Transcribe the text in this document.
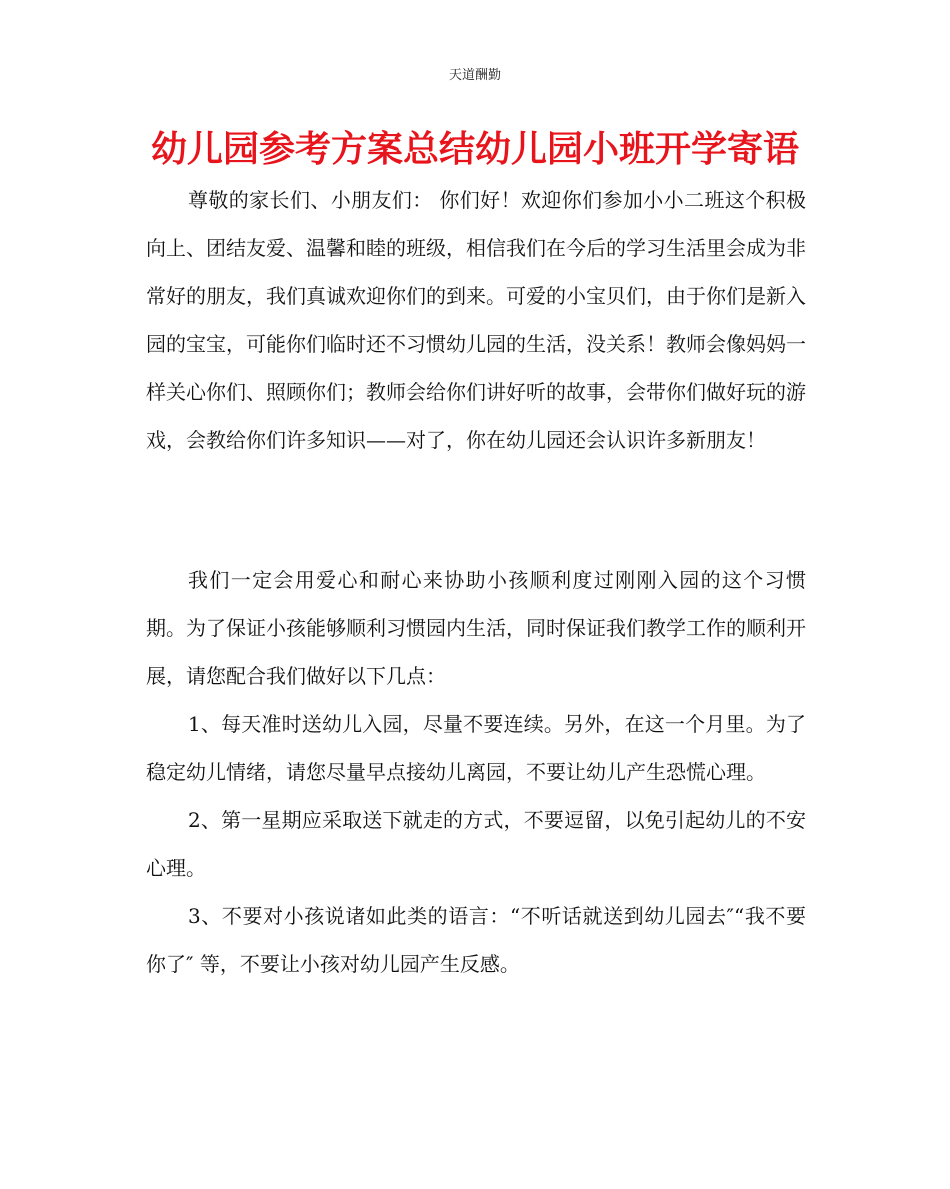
天道酬勤
幼儿园参考方案总结幼儿园小班开学寄语

尊敬的家长们、小朋友们： 你们好！欢迎你们参加小小二班这个积极向上、团结友爱、温馨和睦的班级，相信我们在今后的学习生活里会成为非常好的朋友，我们真诚欢迎你们的到来。可爱的小宝贝们，由于你们是新入园的宝宝，可能你们临时还不习惯幼儿园的生活，没关系！教师会像妈妈一样关心你们、照顾你们；教师会给你们讲好听的故事，会带你们做好玩的游戏，会教给你们许多知识——对了，你在幼儿园还会认识许多新朋友！

我们一定会用爱心和耐心来协助小孩顺利度过刚刚入园的这个习惯期。为了保证小孩能够顺利习惯园内生活，同时保证我们教学工作的顺利开展，请您配合我们做好以下几点：

1、每天准时送幼儿入园，尽量不要连续。另外，在这一个月里。为了稳定幼儿情绪，请您尽量早点接幼儿离园，不要让幼儿产生恐慌心理。

2、第一星期应采取送下就走的方式，不要逗留，以免引起幼儿的不安心理。

3、不要对小孩说诸如此类的语言：“不听话就送到幼儿园去″“我不要你了″ 等，不要让小孩对幼儿园产生反感。
